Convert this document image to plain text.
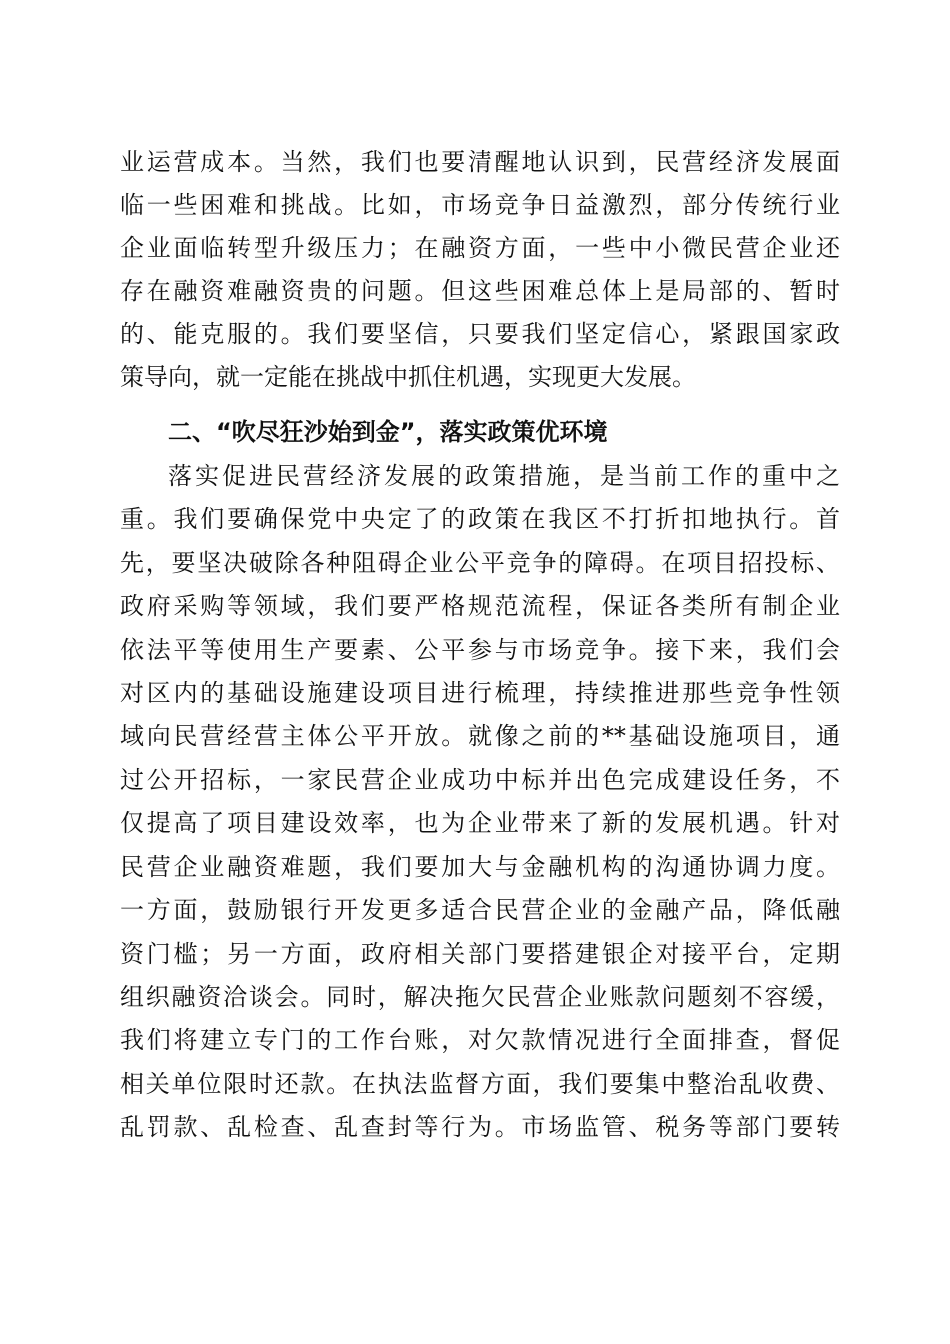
业运营成本。当然，我们也要清醒地认识到，民营经济发展面
临一些困难和挑战。比如，市场竞争日益激烈，部分传统行业
企业面临转型升级压力；在融资方面，一些中小微民营企业还
存在融资难融资贵的问题。但这些困难总体上是局部的、暂时
的、能克服的。我们要坚信，只要我们坚定信心，紧跟国家政
策导向，就一定能在挑战中抓住机遇，实现更大发展。
二、“吹尽狂沙始到金”，落实政策优环境
落实促进民营经济发展的政策措施，是当前工作的重中之
重。我们要确保党中央定了的政策在我区不打折扣地执行。首
先，要坚决破除各种阻碍企业公平竞争的障碍。在项目招投标、
政府采购等领域，我们要严格规范流程，保证各类所有制企业
依法平等使用生产要素、公平参与市场竞争。接下来，我们会
对区内的基础设施建设项目进行梳理，持续推进那些竞争性领
域向民营经营主体公平开放。就像之前的**基础设施项目，通
过公开招标，一家民营企业成功中标并出色完成建设任务，不
仅提高了项目建设效率，也为企业带来了新的发展机遇。针对
民营企业融资难题，我们要加大与金融机构的沟通协调力度。
一方面，鼓励银行开发更多适合民营企业的金融产品，降低融
资门槛；另一方面，政府相关部门要搭建银企对接平台，定期
组织融资洽谈会。同时，解决拖欠民营企业账款问题刻不容缓，
我们将建立专门的工作台账，对欠款情况进行全面排查，督促
相关单位限时还款。在执法监督方面，我们要集中整治乱收费、
乱罚款、乱检查、乱查封等行为。市场监管、税务等部门要转
